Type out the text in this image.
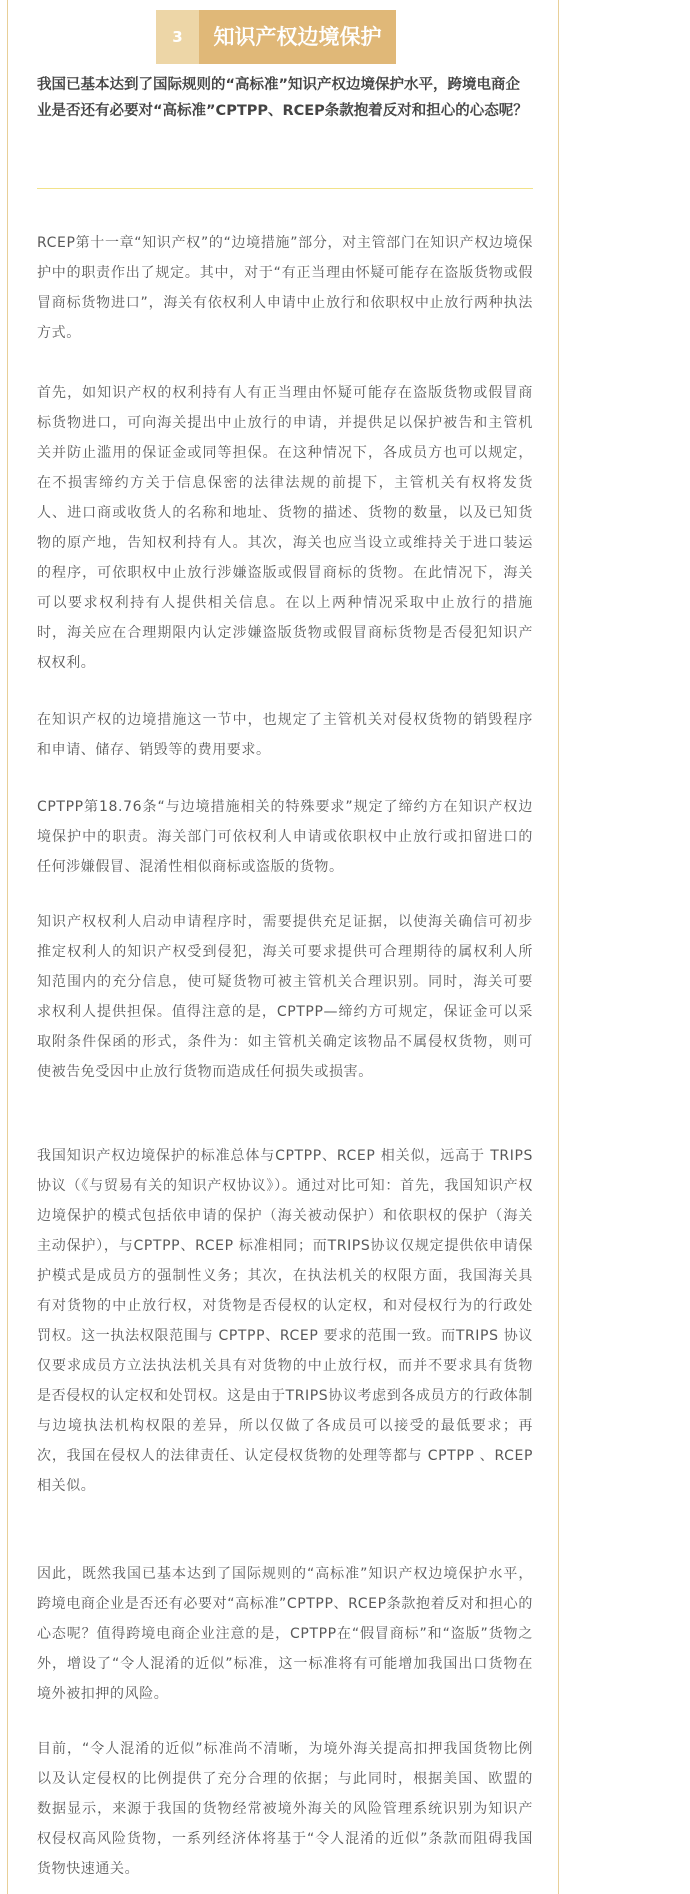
3	知识产权边境保护

我国已基本达到了国际规则的“高标准”知识产权边境保护水平，跨境电商企业是否还有必要对“高标准”CPTPP、RCEP条款抱着反对和担心的心态呢？

RCEP第十一章“知识产权”的“边境措施”部分，对主管部门在知识产权边境保护中的职责作出了规定。其中，对于“有正当理由怀疑可能存在盗版货物或假冒商标货物进口”，海关有依权利人申请中止放行和依职权中止放行两种执法方式。

首先，如知识产权的权利持有人有正当理由怀疑可能存在盗版货物或假冒商标货物进口，可向海关提出中止放行的申请，并提供足以保护被告和主管机关并防止滥用的保证金或同等担保。在这种情况下，各成员方也可以规定，在不损害缔约方关于信息保密的法律法规的前提下，主管机关有权将发货人、进口商或收货人的名称和地址、货物的描述、货物的数量，以及已知货物的原产地，告知权利持有人。其次，海关也应当设立或维持关于进口装运的程序，可依职权中止放行涉嫌盗版或假冒商标的货物。在此情况下，海关可以要求权利持有人提供相关信息。在以上两种情况采取中止放行的措施时，海关应在合理期限内认定涉嫌盗版货物或假冒商标货物是否侵犯知识产权权利。

在知识产权的边境措施这一节中，也规定了主管机关对侵权货物的销毁程序和申请、储存、销毁等的费用要求。

CPTPP第18.76条“与边境措施相关的特殊要求”规定了缔约方在知识产权边境保护中的职责。海关部门可依权利人申请或依职权中止放行或扣留进口的任何涉嫌假冒、混淆性相似商标或盗版的货物。

知识产权权利人启动申请程序时，需要提供充足证据，以使海关确信可初步推定权利人的知识产权受到侵犯，海关可要求提供可合理期待的属权利人所知范围内的充分信息，使可疑货物可被主管机关合理识别。同时，海关可要求权利人提供担保。值得注意的是，CPTPP—缔约方可规定，保证金可以采取附条件保函的形式，条件为：如主管机关确定该物品不属侵权货物，则可使被告免受因中止放行货物而造成任何损失或损害。

我国知识产权边境保护的标准总体与CPTPP、RCEP 相关似，远高于 TRIPS 协议（《与贸易有关的知识产权协议》）。通过对比可知：首先，我国知识产权边境保护的模式包括依申请的保护（海关被动保护）和依职权的保护（海关主动保护），与CPTPP、RCEP 标准相同；而TRIPS协议仅规定提供依申请保护模式是成员方的强制性义务；其次，在执法机关的权限方面，我国海关具有对货物的中止放行权，对货物是否侵权的认定权，和对侵权行为的行政处罚权。这一执法权限范围与 CPTPP、RCEP 要求的范围一致。而TRIPS 协议仅要求成员方立法执法机关具有对货物的中止放行权，而并不要求具有货物是否侵权的认定权和处罚权。这是由于TRIPS协议考虑到各成员方的行政体制与边境执法机构权限的差异，所以仅做了各成员可以接受的最低要求；再次，我国在侵权人的法律责任、认定侵权货物的处理等都与 CPTPP 、RCEP相关似。

因此，既然我国已基本达到了国际规则的“高标准”知识产权边境保护水平，跨境电商企业是否还有必要对“高标准”CPTPP、RCEP条款抱着反对和担心的心态呢？值得跨境电商企业注意的是，CPTPP在“假冒商标”和“盗版”货物之外，增设了“令人混淆的近似”标准，这一标准将有可能增加我国出口货物在境外被扣押的风险。

目前，“令人混淆的近似”标准尚不清晰，为境外海关提高扣押我国货物比例以及认定侵权的比例提供了充分合理的依据；与此同时，根据美国、欧盟的数据显示，来源于我国的货物经常被境外海关的风险管理系统识别为知识产权侵权高风险货物，一系列经济体将基于“令人混淆的近似”条款而阻碍我国货物快速通关。
